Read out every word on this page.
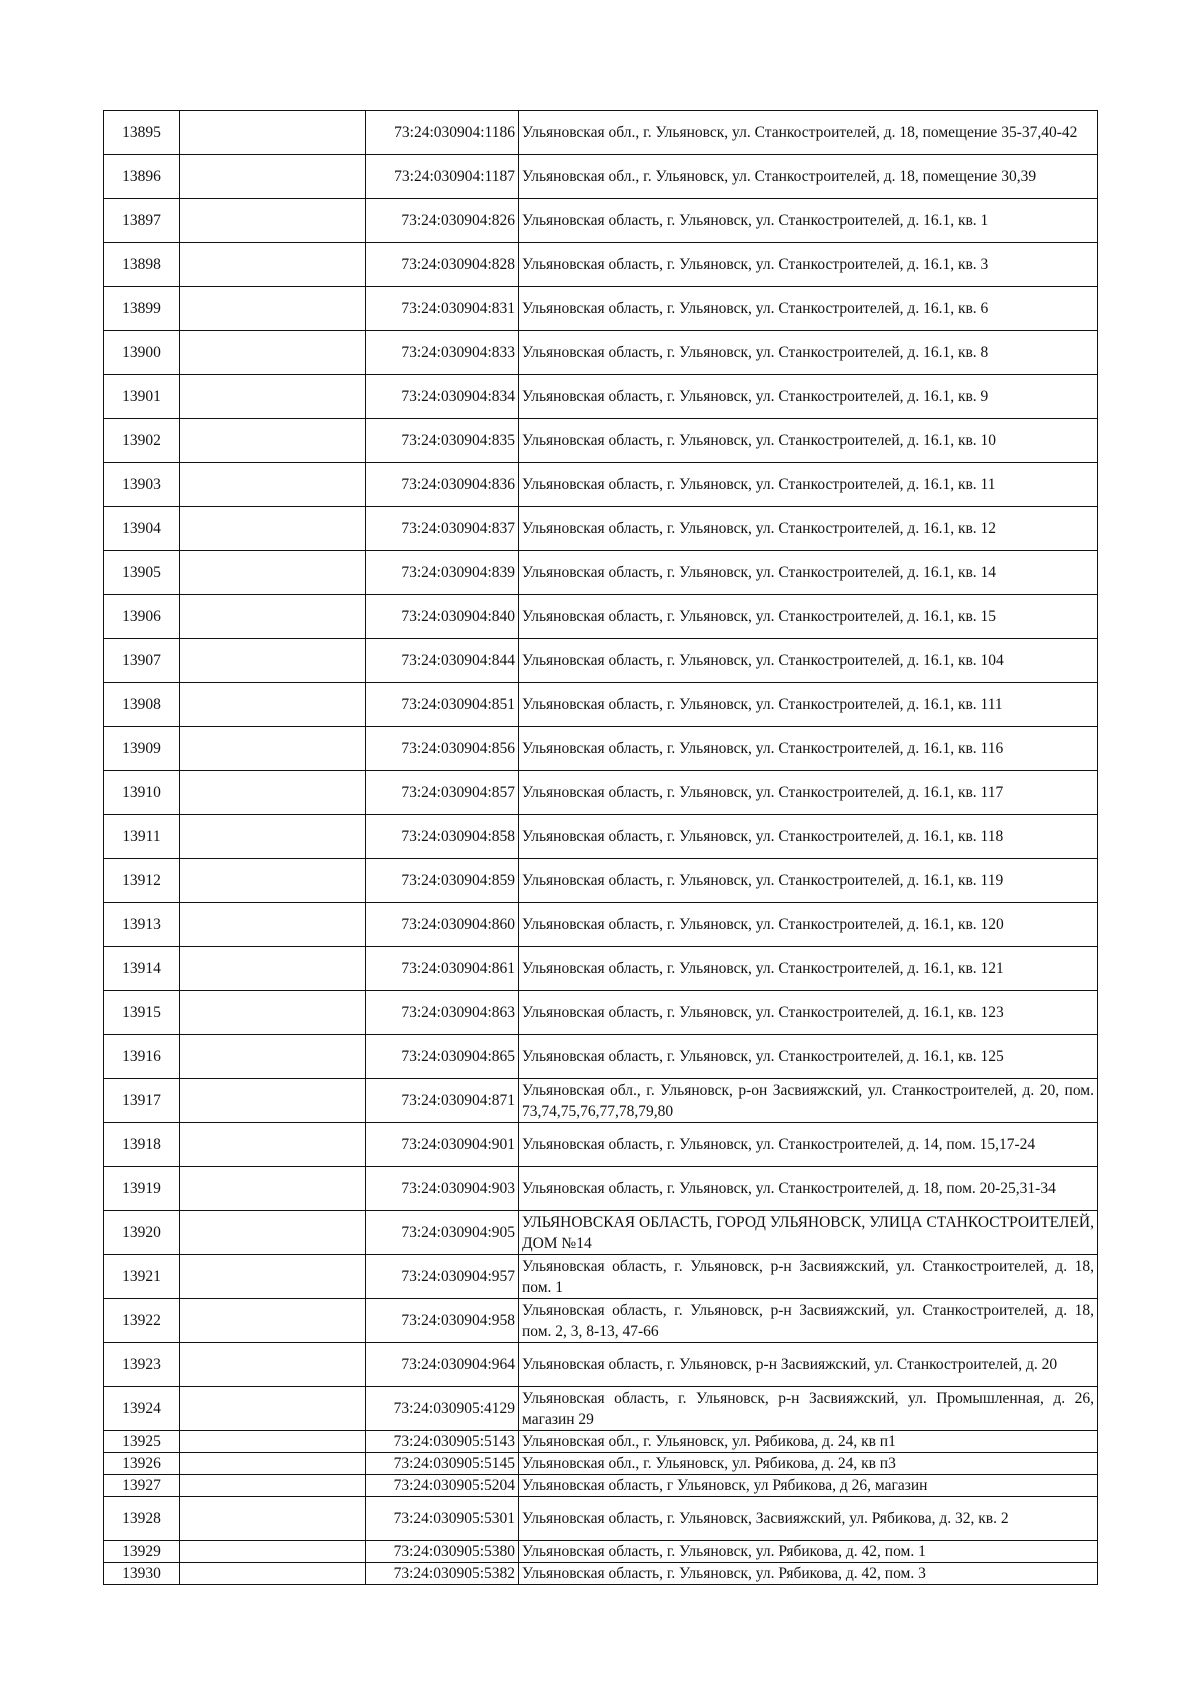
13895		73:24:030904:1186	Ульяновская обл., г. Ульяновск, ул. Станкостроителей, д. 18, помещение 35-37,40-42
13896		73:24:030904:1187	Ульяновская обл., г. Ульяновск, ул. Станкостроителей, д. 18, помещение 30,39
13897		73:24:030904:826	Ульяновская область, г. Ульяновск, ул. Станкостроителей, д. 16.1, кв. 1
13898		73:24:030904:828	Ульяновская область, г. Ульяновск, ул. Станкостроителей, д. 16.1, кв. 3
13899		73:24:030904:831	Ульяновская область, г. Ульяновск, ул. Станкостроителей, д. 16.1, кв. 6
13900		73:24:030904:833	Ульяновская область, г. Ульяновск, ул. Станкостроителей, д. 16.1, кв. 8
13901		73:24:030904:834	Ульяновская область, г. Ульяновск, ул. Станкостроителей, д. 16.1, кв. 9
13902		73:24:030904:835	Ульяновская область, г. Ульяновск, ул. Станкостроителей, д. 16.1, кв. 10
13903		73:24:030904:836	Ульяновская область, г. Ульяновск, ул. Станкостроителей, д. 16.1, кв. 11
13904		73:24:030904:837	Ульяновская область, г. Ульяновск, ул. Станкостроителей, д. 16.1, кв. 12
13905		73:24:030904:839	Ульяновская область, г. Ульяновск, ул. Станкостроителей, д. 16.1, кв. 14
13906		73:24:030904:840	Ульяновская область, г. Ульяновск, ул. Станкостроителей, д. 16.1, кв. 15
13907		73:24:030904:844	Ульяновская область, г. Ульяновск, ул. Станкостроителей, д. 16.1, кв. 104
13908		73:24:030904:851	Ульяновская область, г. Ульяновск, ул. Станкостроителей, д. 16.1, кв. 111
13909		73:24:030904:856	Ульяновская область, г. Ульяновск, ул. Станкостроителей, д. 16.1, кв. 116
13910		73:24:030904:857	Ульяновская область, г. Ульяновск, ул. Станкостроителей, д. 16.1, кв. 117
13911		73:24:030904:858	Ульяновская область, г. Ульяновск, ул. Станкостроителей, д. 16.1, кв. 118
13912		73:24:030904:859	Ульяновская область, г. Ульяновск, ул. Станкостроителей, д. 16.1, кв. 119
13913		73:24:030904:860	Ульяновская область, г. Ульяновск, ул. Станкостроителей, д. 16.1, кв. 120
13914		73:24:030904:861	Ульяновская область, г. Ульяновск, ул. Станкостроителей, д. 16.1, кв. 121
13915		73:24:030904:863	Ульяновская область, г. Ульяновск, ул. Станкостроителей, д. 16.1, кв. 123
13916		73:24:030904:865	Ульяновская область, г. Ульяновск, ул. Станкостроителей, д. 16.1, кв. 125
13917		73:24:030904:871	Ульяновская обл., г. Ульяновск, р-он Засвияжский, ул. Станкостроителей, д. 20, пом. 73,74,75,76,77,78,79,80
13918		73:24:030904:901	Ульяновская область, г. Ульяновск, ул. Станкостроителей, д. 14, пом. 15,17-24
13919		73:24:030904:903	Ульяновская область, г. Ульяновск, ул. Станкостроителей, д. 18, пом. 20-25,31-34
13920		73:24:030904:905	УЛЬЯНОВСКАЯ ОБЛАСТЬ, ГОРОД УЛЬЯНОВСК, УЛИЦА СТАНКОСТРОИТЕЛЕЙ, ДОМ №14
13921		73:24:030904:957	Ульяновская область, г. Ульяновск, р-н Засвияжский, ул. Станкостроителей, д. 18, пом. 1
13922		73:24:030904:958	Ульяновская область, г. Ульяновск, р-н Засвияжский, ул. Станкостроителей, д. 18, пом. 2, 3, 8-13, 47-66
13923		73:24:030904:964	Ульяновская область, г. Ульяновск, р-н Засвияжский, ул. Станкостроителей, д. 20
13924		73:24:030905:4129	Ульяновская область, г. Ульяновск, р-н Засвияжский, ул. Промышленная, д. 26, магазин 29
13925		73:24:030905:5143	Ульяновская обл., г. Ульяновск, ул. Рябикова, д. 24, кв п1
13926		73:24:030905:5145	Ульяновская обл., г. Ульяновск, ул. Рябикова, д. 24, кв п3
13927		73:24:030905:5204	Ульяновская область, г Ульяновск, ул Рябикова, д 26, магазин
13928		73:24:030905:5301	Ульяновская область, г. Ульяновск, Засвияжский, ул. Рябикова, д. 32, кв. 2
13929		73:24:030905:5380	Ульяновская область, г. Ульяновск, ул. Рябикова, д. 42, пом. 1
13930		73:24:030905:5382	Ульяновская область, г. Ульяновск, ул. Рябикова, д. 42, пом. 3
